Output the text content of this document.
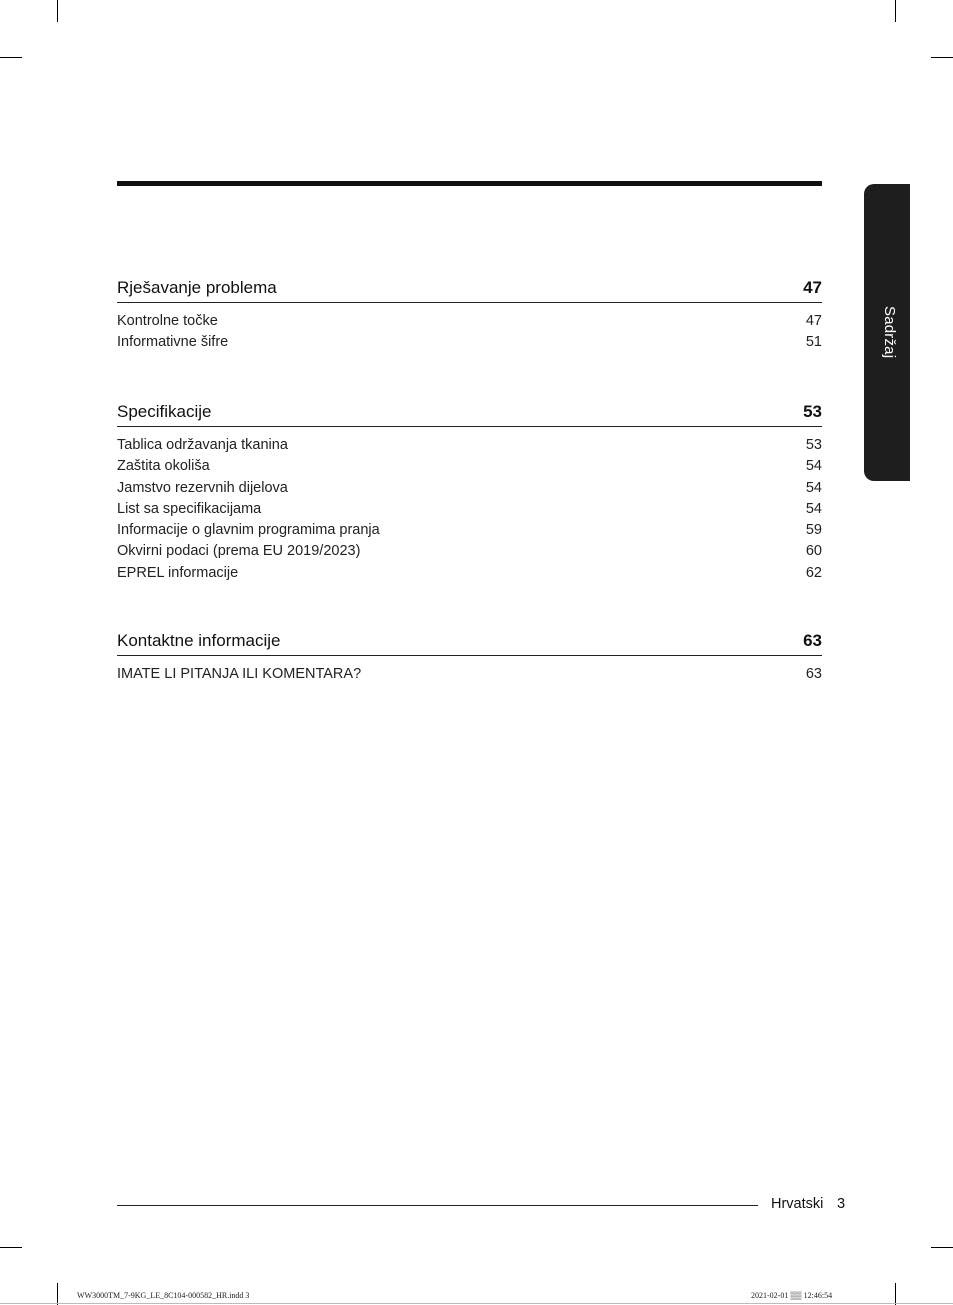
Sadržaj
Rješavanje problema	47
Kontrolne točke	47
Informativne šifre	51
Specifikacije	53
Tablica održavanja tkanina	53
Zaštita okoliša	54
Jamstvo rezervnih dijelova	54
List sa specifikacijama	54
Informacije o glavnim programima pranja	59
Okvirni podaci (prema EU 2019/2023)	60
EPREL informacije	62
Kontaktne informacije	63
IMATE LI PITANJA ILI KOMENTARA?	63
Hrvatski 3
WW3000TM_7-9KG_LE_8C104-000582_HR.indd 3	2021-02-01 ▒▒ 12:46:54
